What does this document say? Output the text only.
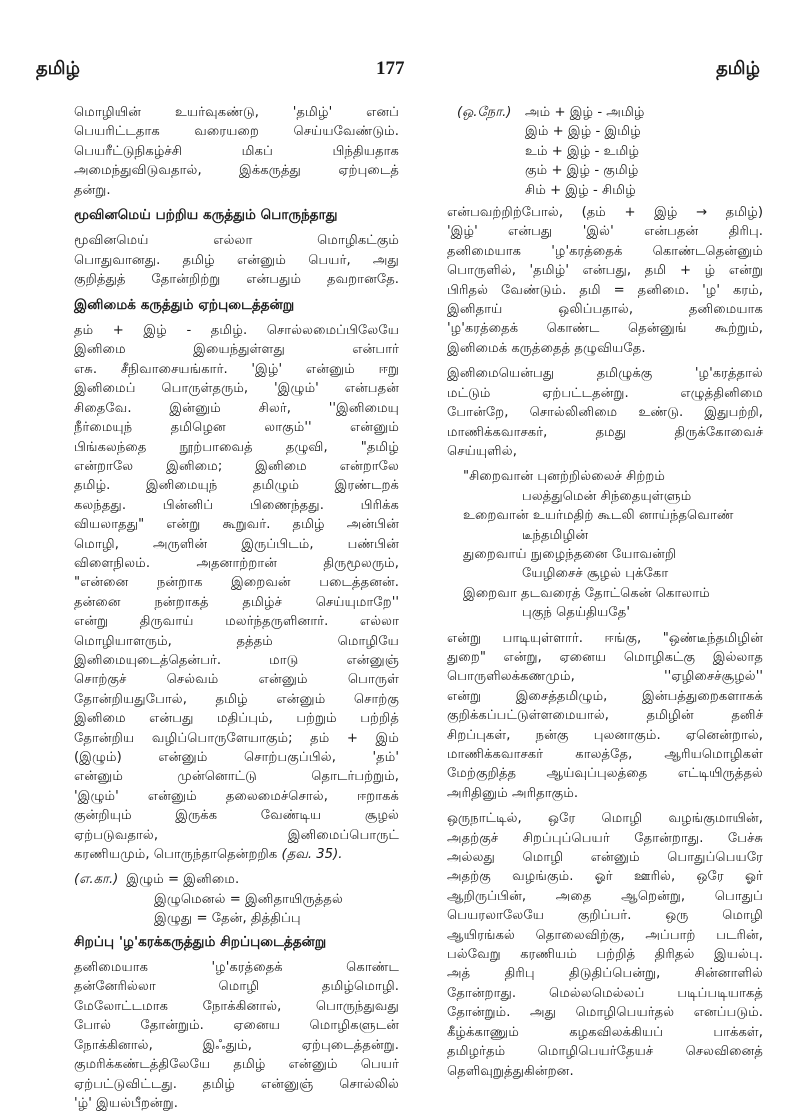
தமிழ்	177	தமிழ்
மொழியின் உயர்வுகண்டு, 'தமிழ்' எனப்
பெயரிட்டதாக வரையறை செய்யவேண்டும்.
பெயரீட்டுநிகழ்ச்சி மிகப் பிந்தியதாக
அமைந்துவிடுவதால், இக்கருத்து ஏற்புடைத்
தன்று.
மூவினமெய் பற்றிய கருத்தும் பொருந்தாது
மூவினமெய் எல்லா மொழிகட்கும்
பொதுவானது. தமிழ் என்னும் பெயர், அது
குறித்துத் தோன்றிற்று என்பதும் தவறானதே.
இனிமைக் கருத்தும் ஏற்புடைத்தன்று
தம் + இழ் - தமிழ். சொல்லமைப்பிலேயே
இனிமை இயைந்துள்ளது என்பார்
எசு. சீநிவாசையங்கார். 'இழ்' என்னும் ஈறு
இனிமைப் பொருள்தரும், 'இழும்' என்பதன்
சிதைவே. இன்னும் சிலர், ''இனிமையு
நீர்மையுந் தமிழென லாகும்'' என்னும்
பிங்கலந்தை நூற்பாவைத் தழுவி, "தமிழ்
என்றாலே இனிமை; இனிமை என்றாலே
தமிழ். இனிமையுந் தமிழும் இரண்டறக்
கலந்தது. பின்னிப் பிணைந்தது. பிரிக்க
வியலாதது" என்று கூறுவர். தமிழ் அன்பின்
மொழி, அருளின் இருப்பிடம், பண்பின்
விளைநிலம். அதனாற்றான் திருமூலரும்,
"என்னை நன்றாக இறைவன் படைத்தனன்.
தன்னை நன்றாகத் தமிழ்ச் செய்யுமாறே''
என்று திருவாய் மலர்ந்தருளினார். எல்லா
மொழியாளரும், தத்தம் மொழியே
இனிமையுடைத்தென்பர். மாடு என்னுஞ்
சொற்குச் செல்வம் என்னும் பொருள்
தோன்றியதுபோல், தமிழ் என்னும் சொற்கு
இனிமை என்பது மதிப்பும், பற்றும் பற்றித்
தோன்றிய வழிப்பொருளேயாகும்; தம் + இம்
(இழும்) என்னும் சொற்பகுப்பில், 'தம்'
என்னும் முன்னொட்டு தொடர்பற்றும்,
'இழும்' என்னும் தலைமைச்சொல், ஈறாகக்
குன்றியும் இருக்க வேண்டிய சூழல்
ஏற்படுவதால், இனிமைப்பொருட்
கரணியமும், பொருந்தாதென்றறிக (தவ. 35).
(எ.கா.) இழும் = இனிமை.
இழுமெனல் = இனிதாயிருத்தல்
இழுது = தேன், தித்திப்பு
சிறப்பு 'ழ'கரக்கருத்தும் சிறப்புடைத்தன்று
தனிமையாக 'ழ'கரத்தைக் கொண்ட
தன்னேரில்லா மொழி தமிழ்மொழி.
மேலோட்டமாக நோக்கினால், பொருந்துவது
போல் தோன்றும். ஏனைய மொழிகளுடன்
நோக்கினால், இஃதும், ஏற்புடைத்தன்று.
குமரிக்கண்டத்திலேயே தமிழ் என்னும் பெயர்
ஏற்பட்டுவிட்டது. தமிழ் என்னுஞ் சொல்லில்
'ழ்' இயல்பீறன்று.
(ஒ.நோ.) அம் + இழ் - அமிழ்
இம் + இழ் - இமிழ்
உம் + இழ் - உமிழ்
கும் + இழ் - குமிழ்
சிம் + இழ் - சிமிழ்
என்பவற்றிற்போல், (தம் + இழ் → தமிழ்)
'இழ்' என்பது 'இல்' என்பதன் திரிபு.
தனிமையாக 'ழ'கரத்தைக் கொண்டதென்னும்
பொருளில், 'தமிழ்' என்பது, தமி + ழ் என்று
பிரிதல் வேண்டும். தமி = தனிமை. 'ழ' கரம்,
இனிதாய் ஒலிப்பதால், தனிமையாக
'ழ'கரத்தைக் கொண்ட தென்னுங் கூற்றும்,
இனிமைக் கருத்தைத் தழுவியதே.
இனிமையென்பது தமிழுக்கு 'ழ'கரத்தால்
மட்டும் ஏற்பட்டதன்று. எழுத்தினிமை
போன்றே, சொல்லினிமை உண்டு. இதுபற்றி,
மாணிக்கவாசகர், தமது திருக்கோவைச்
செய்யுளில்,
"சிறைவான் புனற்றில்லைச் சிற்றம்
பலத்துமென் சிந்தையுள்ளும்
உறைவான் உயர்மதிற் கூடலி னாய்ந்தவொண்
டீந்தமிழின்
துறைவாய் நுழைந்தனை யோவன்றி
யேழிசைச் சூழல் புக்கோ
இறைவா தடவரைத் தோட்கென் கொலாம்
புகுந் தெய்தியதே'
என்று பாடியுள்ளார். ஈங்கு, "ஒண்டீந்தமிழின்
துறை" என்று, ஏனைய மொழிகட்கு இல்லாத
பொருளிலக்கணமும், ''ஏழிசைச்சூழல்''
என்று இசைத்தமிழும், இன்பத்துறைகளாகக்
குறிக்கப்பட்டுள்ளமையால், தமிழின் தனிச்
சிறப்புகள், நன்கு புலனாகும். ஏனென்றால்,
மாணிக்கவாசகர் காலத்தே, ஆரியமொழிகள்
மேற்குறித்த ஆய்வுப்புலத்தை எட்டியிருத்தல்
அரிதினும் அரிதாகும்.
ஒருநாட்டில், ஒரே மொழி வழங்குமாயின்,
அதற்குச் சிறப்புப்பெயர் தோன்றாது. பேச்சு
அல்லது மொழி என்னும் பொதுப்பெயரே
அதற்கு வழங்கும். ஓர் ஊரில், ஒரே ஓர்
ஆறிருப்பின், அதை ஆறென்று, பொதுப்
பெயரலாலேயே குறிப்பர். ஒரு மொழி
ஆயிரங்கல் தொலைவிற்கு, அப்பாற் படரின்,
பல்வேறு கரணியம் பற்றித் திரிதல் இயல்பு.
அத் திரிபு திடுதிப்பென்று, சின்னாளில்
தோன்றாது. மெல்லமெல்லப் படிப்படியாகத்
தோன்றும். அது மொழிபெயர்தல் எனப்படும்.
கீழ்க்காணும் கழகவிலக்கியப் பாக்கள்,
தமிழர்தம் மொழிபெயர்தேயச் செலவினைத்
தெளிவுறுத்துகின்றன.
